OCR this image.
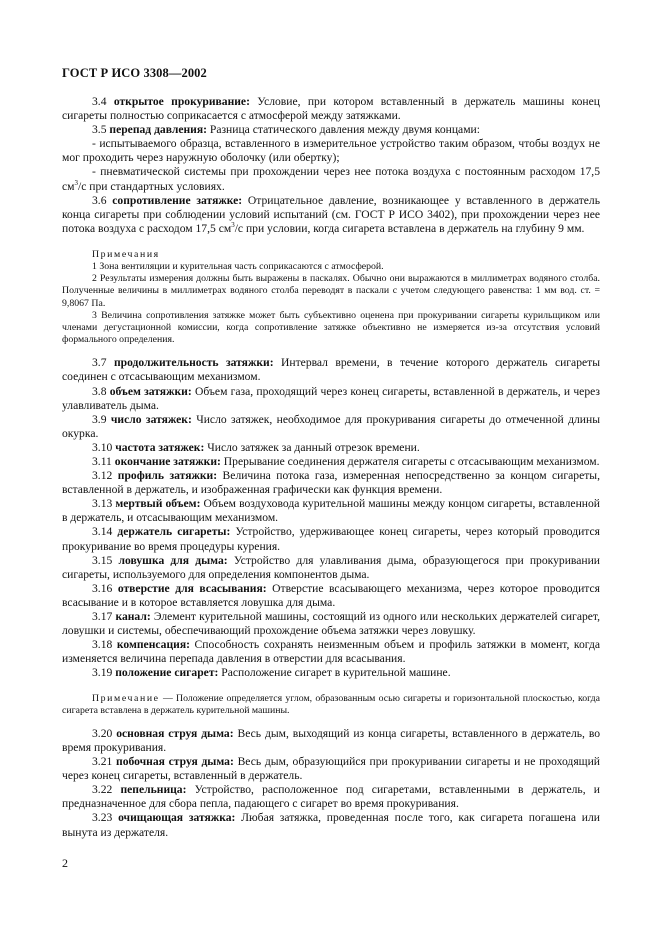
ГОСТ Р ИСО 3308—2002

3.4 открытое прокуривание: Условие, при котором вставленный в держатель машины конец сигареты полностью соприкасается с атмосферой между затяжками.

3.5 перепад давления: Разница статического давления между двумя концами:

- испытываемого образца, вставленного в измерительное устройство таким образом, чтобы воздух не мог проходить через наружную оболочку (или обертку);

- пневматической системы при прохождении через нее потока воздуха с постоянным расходом 17,5 $см^3/с$ при стандартных условиях.

3.6 сопротивление затяжке: Отрицательное давление, возникающее у вставленного в держатель конца сигареты при соблюдении условий испытаний (см. ГОСТ Р ИСО 3402), при прохождении через нее потока воздуха с расходом 17,5 $см^3/с$ при условии, когда сигарета вставлена в держатель на глубину 9 мм.

Примечания

1 Зона вентиляции и курительная часть соприкасаются с атмосферой.

2 Результаты измерения должны быть выражены в паскалях. Обычно они выражаются в миллиметрах водяного столба. Полученные величины в миллиметрах водяного столба переводят в паскали с учетом следующего равенства: 1 мм вод. ст. = 9,8067 Па.

3 Величина сопротивления затяжке может быть субъективно оценена при прокуривании сигареты курильщиком или членами дегустационной комиссии, когда сопротивление затяжке объективно не измеряется из-за отсутствия условий формального определения.

3.7 продолжительность затяжки: Интервал времени, в течение которого держатель сигареты соединен с отсасывающим механизмом.

3.8 объем затяжки: Объем газа, проходящий через конец сигареты, вставленной в держатель, и через улавливатель дыма.

3.9 число затяжек: Число затяжек, необходимое для прокуривания сигареты до отмеченной длины окурка.

3.10 частота затяжек: Число затяжек за данный отрезок времени.

3.11 окончание затяжки: Прерывание соединения держателя сигареты с отсасывающим механизмом.

3.12 профиль затяжки: Величина потока газа, измеренная непосредственно за концом сигареты, вставленной в держатель, и изображенная графически как функция времени.

3.13 мертвый объем: Объем воздуховода курительной машины между концом сигареты, вставленной в держатель, и отсасывающим механизмом.

3.14 держатель сигареты: Устройство, удерживающее конец сигареты, через который проводится прокуривание во время процедуры курения.

3.15 ловушка для дыма: Устройство для улавливания дыма, образующегося при прокуривании сигареты, используемого для определения компонентов дыма.

3.16 отверстие для всасывания: Отверстие всасывающего механизма, через которое проводится всасывание и в которое вставляется ловушка для дыма.

3.17 канал: Элемент курительной машины, состоящий из одного или нескольких держателей сигарет, ловушки и системы, обеспечивающий прохождение объема затяжки через ловушку.

3.18 компенсация: Способность сохранять неизменным объем и профиль затяжки в момент, когда изменяется величина перепада давления в отверстии для всасывания.

3.19 положение сигарет: Расположение сигарет в курительной машине.

Примечание — Положение определяется углом, образованным осью сигареты и горизонтальной плоскостью, когда сигарета вставлена в держатель курительной машины.

3.20 основная струя дыма: Весь дым, выходящий из конца сигареты, вставленного в держатель, во время прокуривания.

3.21 побочная струя дыма: Весь дым, образующийся при прокуривании сигареты и не проходящий через конец сигареты, вставленный в держатель.

3.22 пепельница: Устройство, расположенное под сигаретами, вставленными в держатель, и предназначенное для сбора пепла, падающего с сигарет во время прокуривания.

3.23 очищающая затяжка: Любая затяжка, проведенная после того, как сигарета погашена или вынута из держателя.

2
